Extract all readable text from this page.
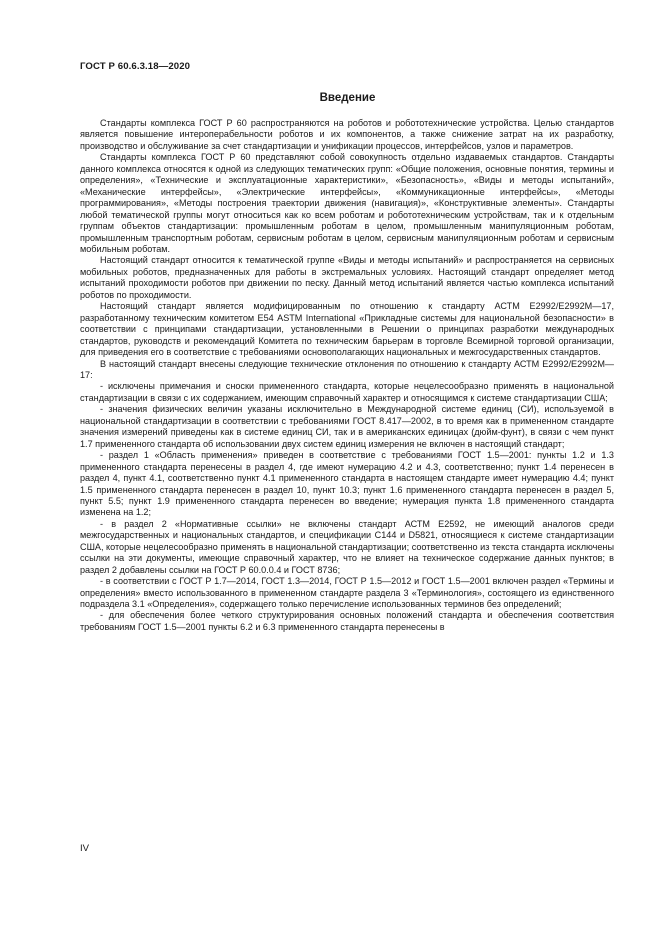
ГОСТ Р 60.6.3.18—2020
Введение

Стандарты комплекса ГОСТ Р 60 распространяются на роботов и робототехнические устройства. Целью стандартов является повышение интероперабельности роботов и их компонентов, а также снижение затрат на их разработку, производство и обслуживание за счет стандартизации и унификации процессов, интерфейсов, узлов и параметров.

Стандарты комплекса ГОСТ Р 60 представляют собой совокупность отдельно издаваемых стандартов. Стандарты данного комплекса относятся к одной из следующих тематических групп: «Общие положения, основные понятия, термины и определения», «Технические и эксплуатационные характеристики», «Безопасность», «Виды и методы испытаний», «Механические интерфейсы», «Электрические интерфейсы», «Коммуникационные интерфейсы», «Методы программирования», «Методы построения траектории движения (навигация)», «Конструктивные элементы». Стандарты любой тематической группы могут относиться как ко всем роботам и робототехническим устройствам, так и к отдельным группам объектов стандартизации: промышленным роботам в целом, промышленным манипуляционным роботам, промышленным транспортным роботам, сервисным роботам в целом, сервисным манипуляционным роботам и сервисным мобильным роботам.

Настоящий стандарт относится к тематической группе «Виды и методы испытаний» и распространяется на сервисных мобильных роботов, предназначенных для работы в экстремальных условиях. Настоящий стандарт определяет метод испытаний проходимости роботов при движении по песку. Данный метод испытаний является частью комплекса испытаний роботов по проходимости.

Настоящий стандарт является модифицированным по отношению к стандарту АСТМ Е2992/Е2992М—17, разработанному техническим комитетом Е54 ASTM International «Прикладные системы для национальной безопасности» в соответствии с принципами стандартизации, установленными в Решении о принципах разработки международных стандартов, руководств и рекомендаций Комитета по техническим барьерам в торговле Всемирной торговой организации, для приведения его в соответствие с требованиями основополагающих национальных и межгосударственных стандартов.

В настоящий стандарт внесены следующие технические отклонения по отношению к стандарту АСТМ Е2992/Е2992М—17:

- исключены примечания и сноски примененного стандарта, которые нецелесообразно применять в национальной стандартизации в связи с их содержанием, имеющим справочный характер и относящимся к системе стандартизации США;

- значения физических величин указаны исключительно в Международной системе единиц (СИ), используемой в национальной стандартизации в соответствии с требованиями ГОСТ 8.417—2002, в то время как в примененном стандарте значения измерений приведены как в системе единиц СИ, так и в американских единицах (дюйм-фунт), в связи с чем пункт 1.7 примененного стандарта об использовании двух систем единиц измерения не включен в настоящий стандарт;

- раздел 1 «Область применения» приведен в соответствие с требованиями ГОСТ 1.5—2001: пункты 1.2 и 1.3 примененного стандарта перенесены в раздел 4, где имеют нумерацию 4.2 и 4.3, соответственно; пункт 1.4 перенесен в раздел 4, пункт 4.1, соответственно пункт 4.1 примененного стандарта в настоящем стандарте имеет нумерацию 4.4; пункт 1.5 примененного стандарта перенесен в раздел 10, пункт 10.3; пункт 1.6 примененного стандарта перенесен в раздел 5, пункт 5.5; пункт 1.9 примененного стандарта перенесен во введение; нумерация пункта 1.8 примененного стандарта изменена на 1.2;

- в раздел 2 «Нормативные ссылки» не включены стандарт АСТМ Е2592, не имеющий аналогов среди межгосударственных и национальных стандартов, и спецификации С144 и D5821, относящиеся к системе стандартизации США, которые нецелесообразно применять в национальной стандартизации; соответственно из текста стандарта исключены ссылки на эти документы, имеющие справочный характер, что не влияет на техническое содержание данных пунктов; в раздел 2 добавлены ссылки на ГОСТ Р 60.0.0.4 и ГОСТ 8736;

- в соответствии с ГОСТ Р 1.7—2014, ГОСТ 1.3—2014, ГОСТ Р 1.5—2012 и ГОСТ 1.5—2001 включен раздел «Термины и определения» вместо использованного в примененном стандарте раздела 3 «Терминология», состоящего из единственного подраздела 3.1 «Определения», содержащего только перечисление использованных терминов без определений;

- для обеспечения более четкого структурирования основных положений стандарта и обеспечения соответствия требованиям ГОСТ 1.5—2001 пункты 6.2 и 6.3 примененного стандарта перенесены в

IV
